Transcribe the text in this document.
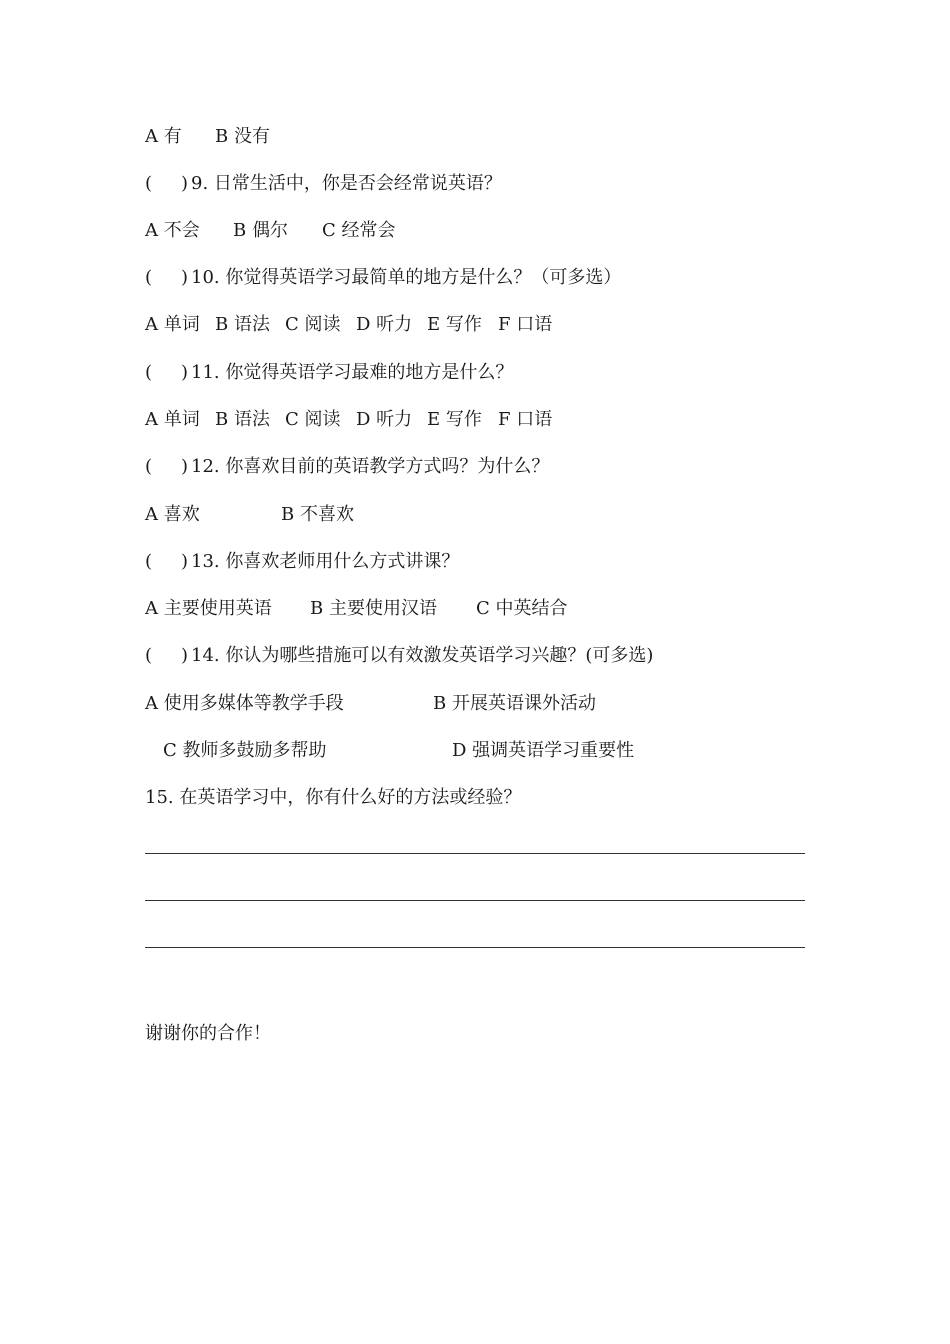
A 有 B 没有
( ) 9. 日常生活中，你是否会经常说英语？
A 不会 B 偶尔 C 经常会
( ) 10. 你觉得英语学习最简单的地方是什么？（可多选）
A 单词 B 语法 C 阅读 D 听力 E 写作 F 口语
( ) 11. 你觉得英语学习最难的地方是什么？
A 单词 B 语法 C 阅读 D 听力 E 写作 F 口语
( ) 12. 你喜欢目前的英语教学方式吗？为什么？
A 喜欢	B 不喜欢
( ) 13. 你喜欢老师用什么方式讲课？
A 主要使用英语 B 主要使用汉语 C 中英结合
( ) 14. 你认为哪些措施可以有效激发英语学习兴趣？(可多选)
A 使用多媒体等教学手段	B 开展英语课外活动
C 教师多鼓励多帮助	D 强调英语学习重要性
15. 在英语学习中，你有什么好的方法或经验？
谢谢你的合作！
